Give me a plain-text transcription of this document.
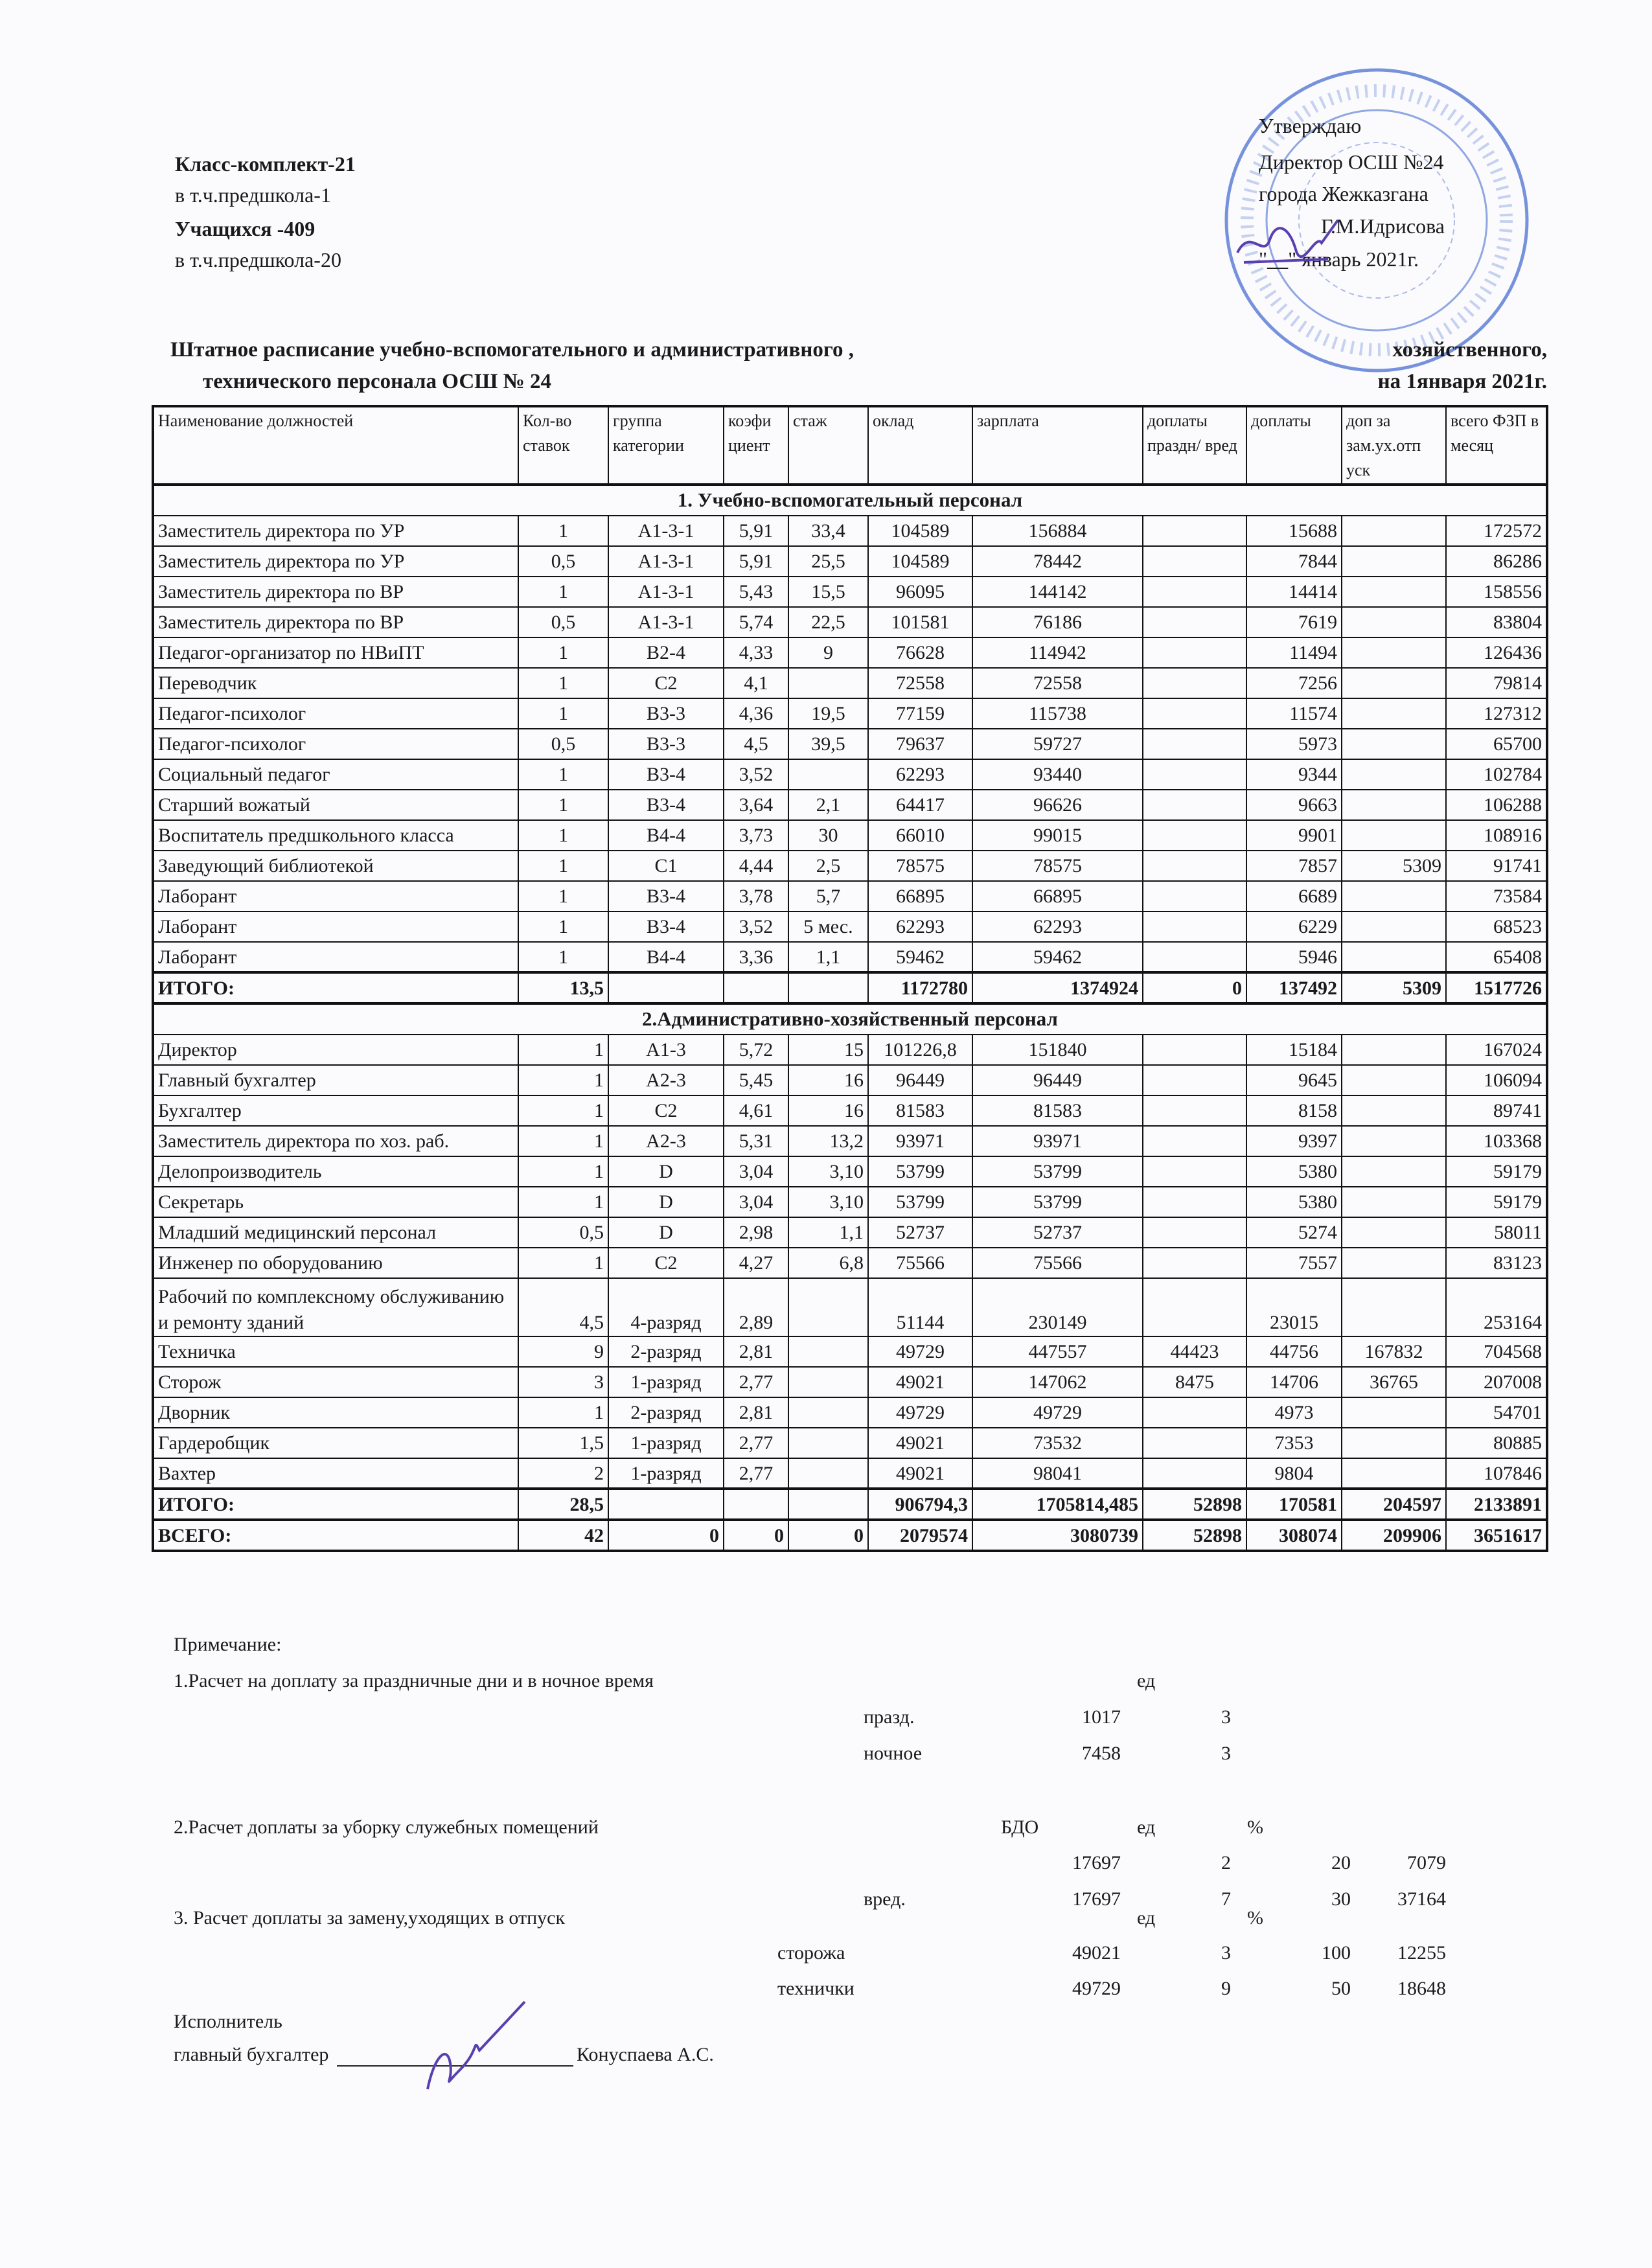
Класс-комплект-21
в т.ч.предшкола-1
Учащихся -409
в т.ч.предшкола-20
Утверждаю
Директор ОСШ №24
города Жежказгана
Г.М.Идрисова
"__" январь 2021г.
Штатное расписание учебно-вспомогательного и административного ,	хозяйственного,
технического персонала ОСШ № 24	на 1января 2021г.
Наименование должностей	Кол-во ставок	группа категории	коэфи циент	стаж	оклад	зарплата	доплаты праздн/ вред	доплаты	доп за зам.ух.отп уск	всего ФЗП в месяц
1. Учебно-вспомогательный персонал										
Заместитель директора по УР	1	A1-3-1	5,91	33,4	104589	156884		15688		172572
Заместитель директора по УР	0,5	A1-3-1	5,91	25,5	104589	78442		7844		86286
Заместитель директора по ВР	1	A1-3-1	5,43	15,5	96095	144142		14414		158556
Заместитель директора по ВР	0,5	A1-3-1	5,74	22,5	101581	76186		7619		83804
Педагог-организатор по НВиПТ	1	B2-4	4,33	9	76628	114942		11494		126436
Переводчик	1	C2	4,1		72558	72558		7256		79814
Педагог-психолог	1	B3-3	4,36	19,5	77159	115738		11574		127312
Педагог-психолог	0,5	B3-3	4,5	39,5	79637	59727		5973		65700
Социальный педагог	1	B3-4	3,52		62293	93440		9344		102784
Старший вожатый	1	B3-4	3,64	2,1	64417	96626		9663		106288
Воспитатель предшкольного класса	1	B4-4	3,73	30	66010	99015		9901		108916
Заведующий библиотекой	1	C1	4,44	2,5	78575	78575		7857	5309	91741
Лаборант	1	B3-4	3,78	5,7	66895	66895		6689		73584
Лаборант	1	B3-4	3,52	5 мес.	62293	62293		6229		68523
Лаборант	1	B4-4	3,36	1,1	59462	59462		5946		65408
ИТОГО:	13,5				1172780	1374924	0	137492	5309	1517726
2.Административно-хозяйственный персонал										
Директор	1	A1-3	5,72	15	101226,8	151840		15184		167024
Главный бухгалтер	1	A2-3	5,45	16	96449	96449		9645		106094
Бухгалтер	1	C2	4,61	16	81583	81583		8158		89741
Заместитель директора по хоз. раб.	1	A2-3	5,31	13,2	93971	93971		9397		103368
Делопроизводитель	1	D	3,04	3,10	53799	53799		5380		59179
Секретарь	1	D	3,04	3,10	53799	53799		5380		59179
Младший медицинский персонал	0,5	D	2,98	1,1	52737	52737		5274		58011
Инженер по оборудованию	1	C2	4,27	6,8	75566	75566		7557		83123
Рабочий по комплексному обслуживанию и ремонту зданий	4,5	4-разряд	2,89		51144	230149		23015		253164
Техничка	9	2-разряд	2,81		49729	447557	44423	44756	167832	704568
Сторож	3	1-разряд	2,77		49021	147062	8475	14706	36765	207008
Дворник	1	2-разряд	2,81		49729	49729		4973		54701
Гардеробщик	1,5	1-разряд	2,77		49021	73532		7353		80885
Вахтер	2	1-разряд	2,77		49021	98041		9804		107846
ИТОГО:	28,5				906794,3	1705814,485	52898	170581	204597	2133891
ВСЕГО:	42	0	0	0	2079574	3080739	52898	308074	209906	3651617
Примечание:
1.Расчет на доплату за праздничные дни и в ночное время	ед
празд.	1017	3
ночное	7458	3
2.Расчет доплаты за уборку служебных помещений	БДО	ед	%
17697	2	20	7079
вред.	17697	7	30 37164
3. Расчет доплаты за замену,уходящих в отпуск	ед	%
сторожа	49021	3	100 12255
технички	49729	9	50 18648
Исполнитель
главный бухгалтер	Конуспаева А.С.
